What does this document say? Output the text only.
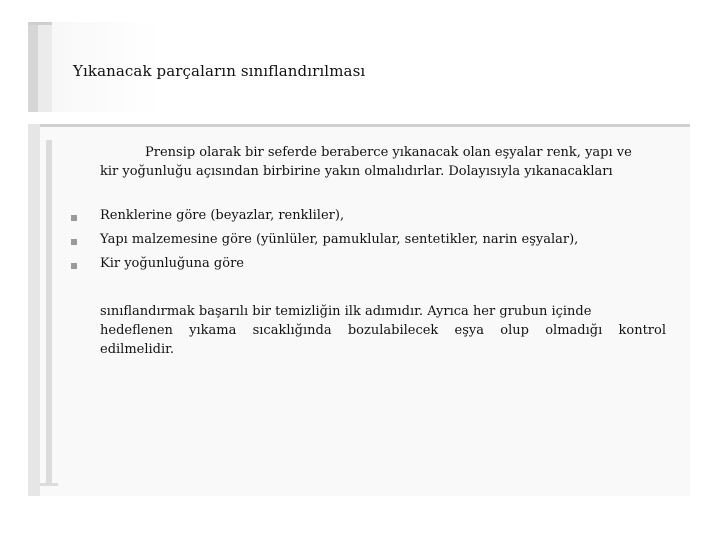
Yıkanacak parçaların sınıflandırılması
Prensip olarak bir seferde beraberce yıkanacak olan eşyalar renk, yapı ve
kir yoğunluğu açısından birbirine yakın olmalıdırlar. Dolayısıyla yıkanacakları
Renklerine göre (beyazlar, renkliler),
Yapı malzemesine göre (yünlüler, pamuklular, sentetikler, narin eşyalar),
Kir yoğunluğuna göre
sınıflandırmak başarılı bir temizliğin ilk adımıdır. Ayrıca her grubun içinde
hedeflenen yıkama sıcaklığında bozulabilecek eşya olup olmadığı kontrol
edilmelidir.
